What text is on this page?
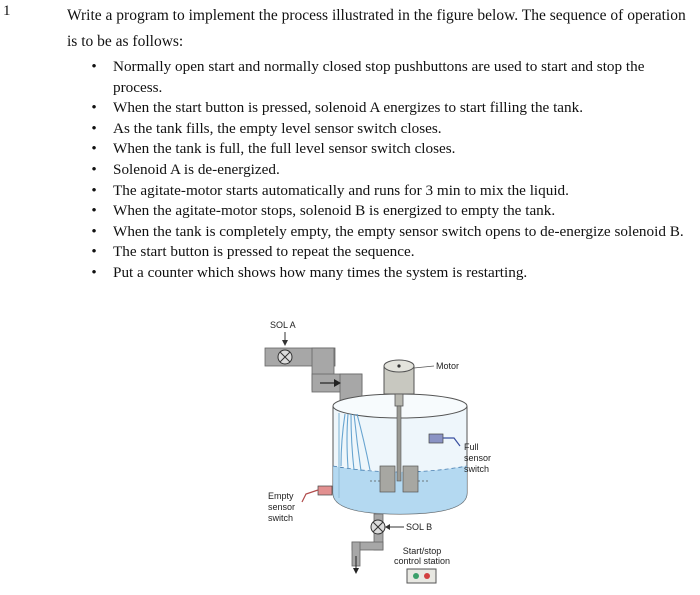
1	Write a program to implement the process illustrated in the figure below. The sequence of operation is to be as follows:

• Normally open start and normally closed stop pushbuttons are used to start and stop the process.
• When the start button is pressed, solenoid A energizes to start filling the tank.
• As the tank fills, the empty level sensor switch closes.
• When the tank is full, the full level sensor switch closes.
• Solenoid A is de-energized.
• The agitate-motor starts automatically and runs for 3 min to mix the liquid.
• When the agitate-motor stops, solenoid B is energized to empty the tank.
• When the tank is completely empty, the empty sensor switch opens to de-energize solenoid B.
• The start button is pressed to repeat the sequence.
• Put a counter which shows how many times the system is restarting.
SOL A
Motor
Full
sensor
switch
Empty
sensor
switch
SOL B
Start/stop
control station
